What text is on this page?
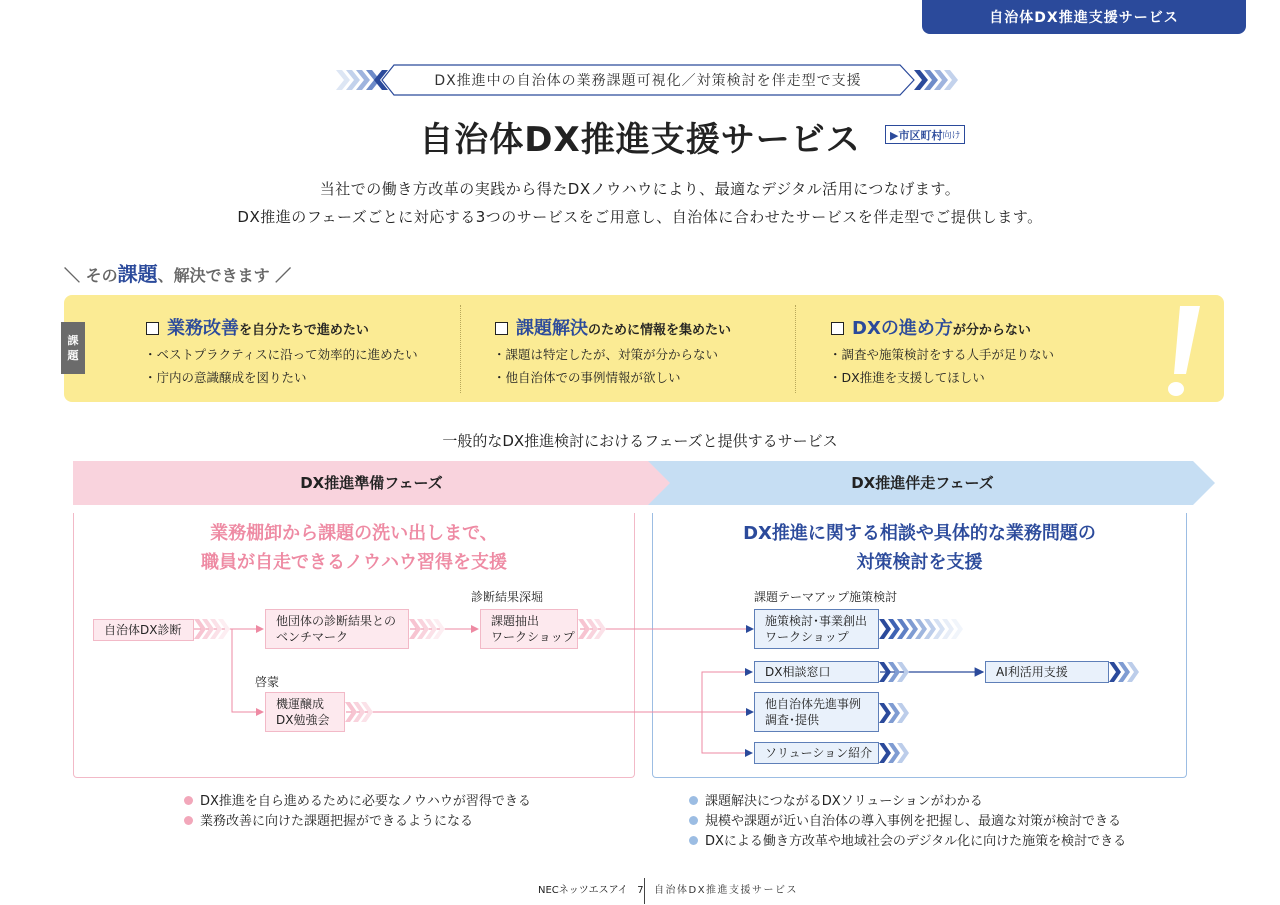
自治体DX推進支援サービス
DX推進中の自治体の業務課題可視化／対策検討を伴走型で支援
自治体DX推進支援サービス	▶市区町村 向け
当社での働き方改革の実践から得たDXノウハウにより、最適なデジタル活用につなげます。
DX推進のフェーズごとに対応する3つのサービスをご用意し、自治体に合わせたサービスを伴走型でご提供します。
＼ その課題、解決できます ／
業務改善を自分たちで進めたい
・ベストプラクティスに沿って効率的に進めたい
・庁内の意識醸成を図りたい
課題解決のために情報を集めたい
・課題は特定したが、対策が分からない
・他自治体での事例情報が欲しい
DXの進め方が分からない
・調査や施策検討をする人手が足りない
・DX推進を支援してほしい
課
題
一般的なDX推進検討におけるフェーズと提供するサービス
DX推進準備フェーズ	DX推進伴走フェーズ
業務棚卸から課題の洗い出しまで、
職員が自走できるノウハウ習得を支援
DX推進に関する相談や具体的な業務問題の
対策検討を支援
自治体DX診断
他団体の診断結果との
ベンチマーク
診断結果深堀
課題抽出
ワークショップ
啓蒙
機運醸成
DX勉強会
課題テーマアップ施策検討
施策検討･事業創出
ワークショップ
DX相談窓口	AI利活用支援
他自治体先進事例
調査･提供
ソリューション紹介
DX推進を自ら進めるために必要なノウハウが習得できる
業務改善に向けた課題把握ができるようになる
課題解決につながるDXソリューションがわかる
規模や課題が近い自治体の導入事例を把握し、最適な対策が検討できる
DXによる働き方改革や地域社会のデジタル化に向けた施策を検討できる
NECネッツエスアイ 7 自治体DX推進支援サービス
